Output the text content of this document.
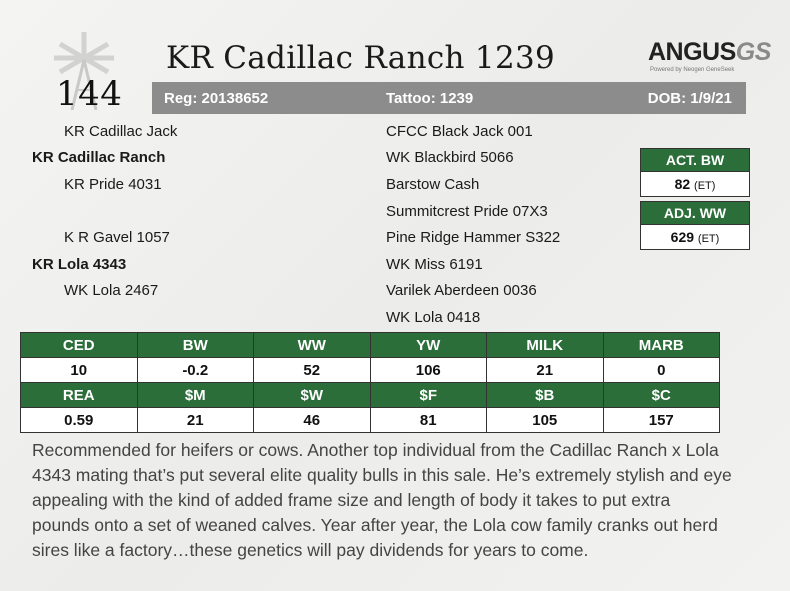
144
KR Cadillac Ranch 1239	ANGUSGS
Powered by Neogen GeneSeek
Reg: 20138652	Tattoo: 1239	DOB: 1/9/21
KR Cadillac Jack
KR Cadillac Ranch
KR Pride 4031
K R Gavel 1057
KR Lola 4343
WK Lola 2467
CFCC Black Jack 001
WK Blackbird 5066
Barstow Cash
Summitcrest Pride 07X3
Pine Ridge Hammer S322
WK Miss 6191
Varilek Aberdeen 0036
WK Lola 0418
ACT. BW
82 (ET)
ADJ. WW
629 (ET)
CED	BW	WW	YW	MILK	MARB
10	-0.2	52	106	21	0
REA	$M	$W	$F	$B	$C
0.59	21	46	81	105	157
Recommended for heifers or cows. Another top individual from the Cadillac Ranch x Lola 4343 mating that’s put several elite quality bulls in this sale. He’s extremely stylish and eye appealing with the kind of added frame size and length of body it takes to put extra pounds onto a set of weaned calves. Year after year, the Lola cow family cranks out herd sires like a factory…these genetics will pay dividends for years to come.
